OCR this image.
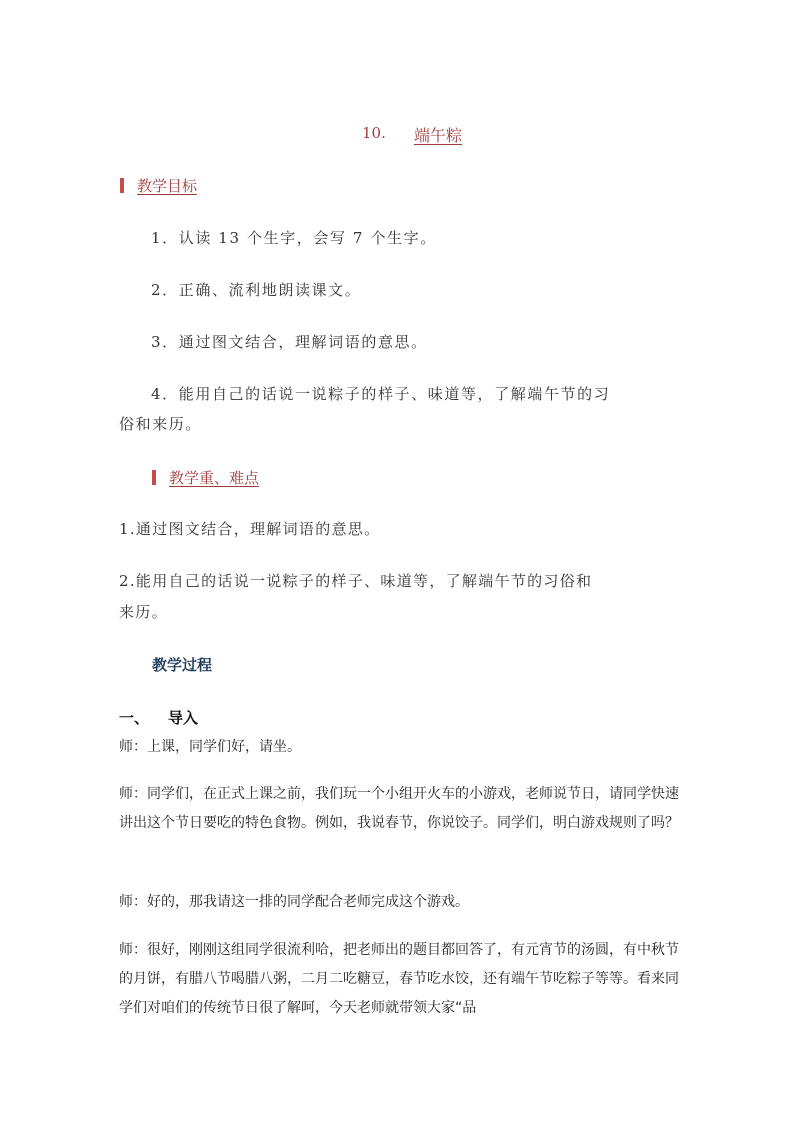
10. 端午粽
教学目标
1．认读 13 个生字，会写 7 个生字。
2．正确、流利地朗读课文。
3．通过图文结合，理解词语的意思。
4．能用自己的话说一说粽子的样子、味道等，了解端午节的习
俗和来历。
教学重、难点
1.通过图文结合，理解词语的意思。
2.能用自己的话说一说粽子的样子、味道等，了解端午节的习俗和
来历。
教学过程
一、 导入
师：上课，同学们好，请坐。
师：同学们，在正式上课之前，我们玩一个小组开火车的小游戏，老师说节日，请同学快速讲出这个节日要吃的特色食物。例如，我说春节，你说饺子。同学们，明白游戏规则了吗？
师：好的，那我请这一排的同学配合老师完成这个游戏。
师：很好，刚刚这组同学很流利哈，把老师出的题目都回答了，有元宵节的汤圆，有中秋节的月饼，有腊八节喝腊八粥，二月二吃糖豆，春节吃水饺，还有端午节吃粽子等等。看来同学们对咱们的传统节日很了解呵，今天老师就带领大家“品
